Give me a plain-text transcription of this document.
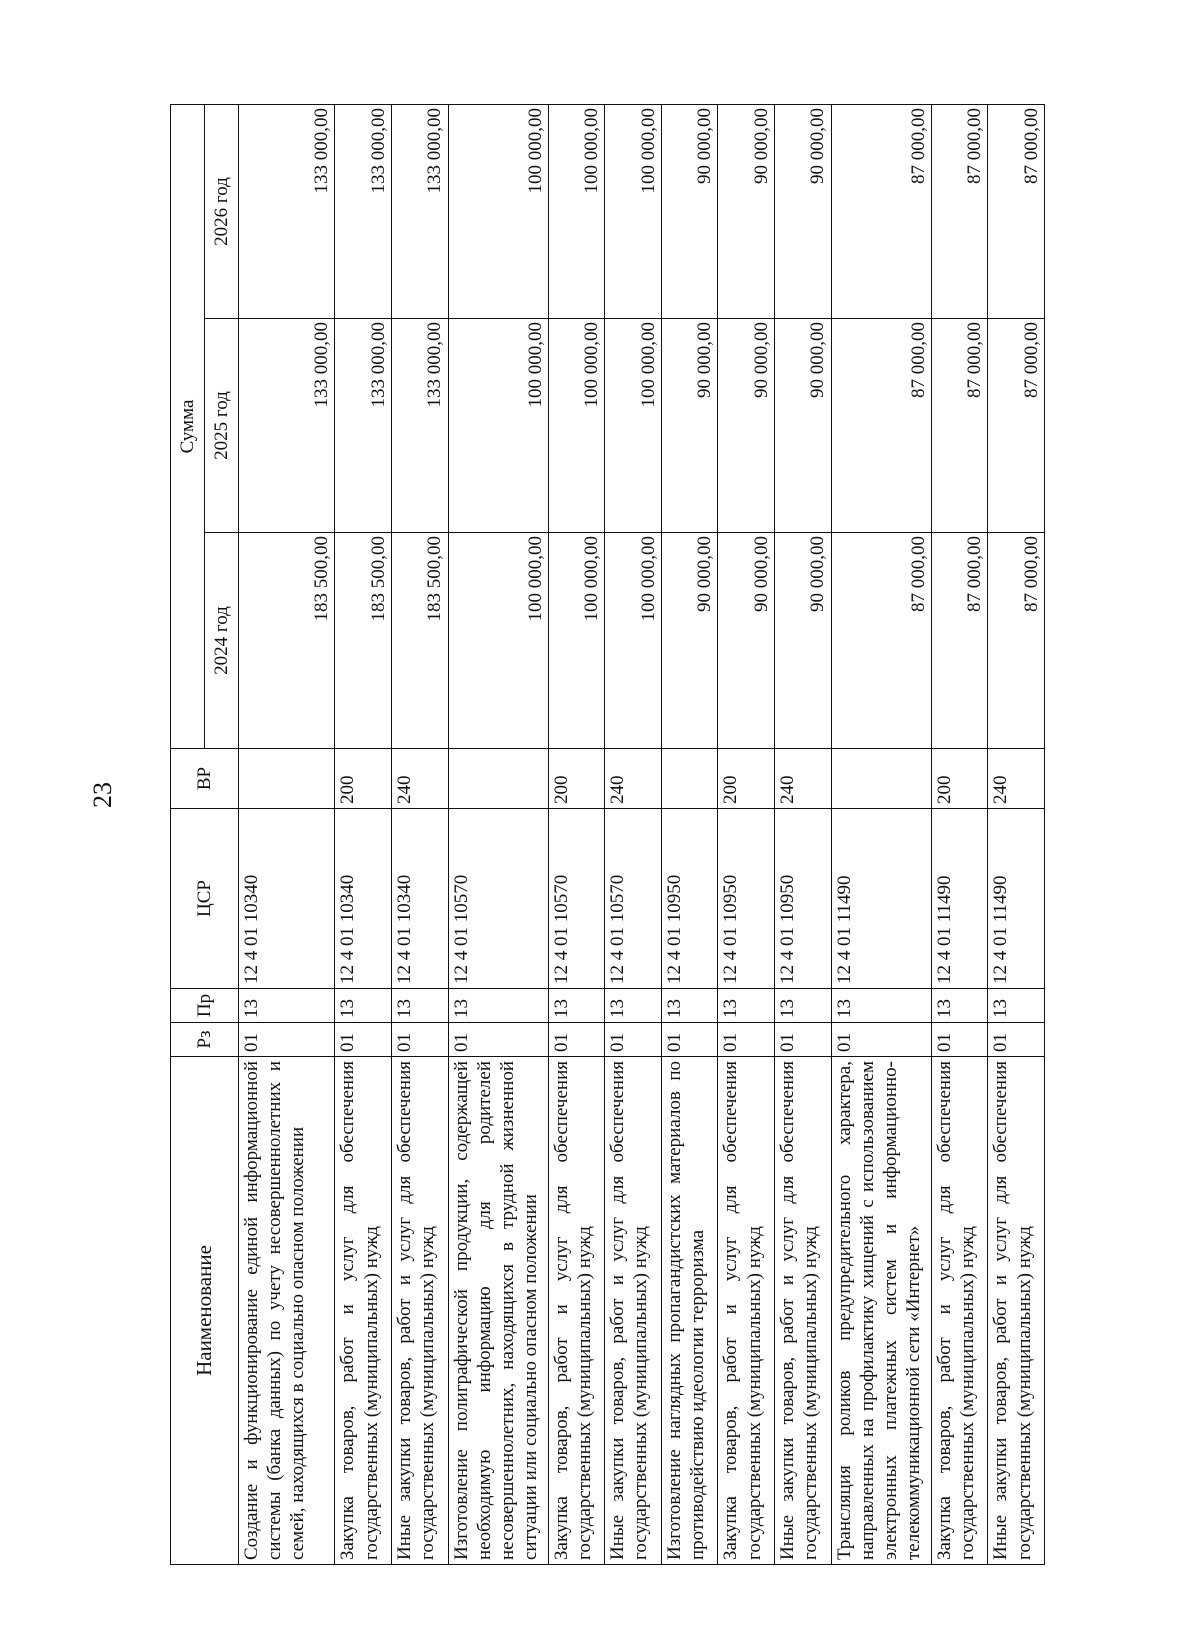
23
Наименование	Рз	Пр	ЦСР	ВР	Сумма		
					2024 год	2025 год	2026 год
Создание и функционирование единой информационной системы (банка данных) по учету несовершеннолетних и семей, находящихся в социально опасном положении	01	13	12 4 01 10340		183 500,00	133 000,00	133 000,00
Закупка товаров, работ и услуг для обеспечения государственных (муниципальных) нужд	01	13	12 4 01 10340	200	183 500,00	133 000,00	133 000,00
Иные закупки товаров, работ и услуг для обеспечения государственных (муниципальных) нужд	01	13	12 4 01 10340	240	183 500,00	133 000,00	133 000,00
Изготовление полиграфической продукции, содержащей необходимую информацию для родителей несовершеннолетних, находящихся в трудной жизненной ситуации или социально опасном положении	01	13	12 4 01 10570		100 000,00	100 000,00	100 000,00
Закупка товаров, работ и услуг для обеспечения государственных (муниципальных) нужд	01	13	12 4 01 10570	200	100 000,00	100 000,00	100 000,00
Иные закупки товаров, работ и услуг для обеспечения государственных (муниципальных) нужд	01	13	12 4 01 10570	240	100 000,00	100 000,00	100 000,00
Изготовление наглядных пропагандистских материалов по противодействию идеологии терроризма	01	13	12 4 01 10950		90 000,00	90 000,00	90 000,00
Закупка товаров, работ и услуг для обеспечения государственных (муниципальных) нужд	01	13	12 4 01 10950	200	90 000,00	90 000,00	90 000,00
Иные закупки товаров, работ и услуг для обеспечения государственных (муниципальных) нужд	01	13	12 4 01 10950	240	90 000,00	90 000,00	90 000,00
Трансляция роликов предупредительного характера, направленных на профилактику хищений с использованием электронных платежных систем и информационно-телекоммуникационной сети «Интернет»	01	13	12 4 01 11490		87 000,00	87 000,00	87 000,00
Закупка товаров, работ и услуг для обеспечения государственных (муниципальных) нужд	01	13	12 4 01 11490	200	87 000,00	87 000,00	87 000,00
Иные закупки товаров, работ и услуг для обеспечения государственных (муниципальных) нужд	01	13	12 4 01 11490	240	87 000,00	87 000,00	87 000,00
